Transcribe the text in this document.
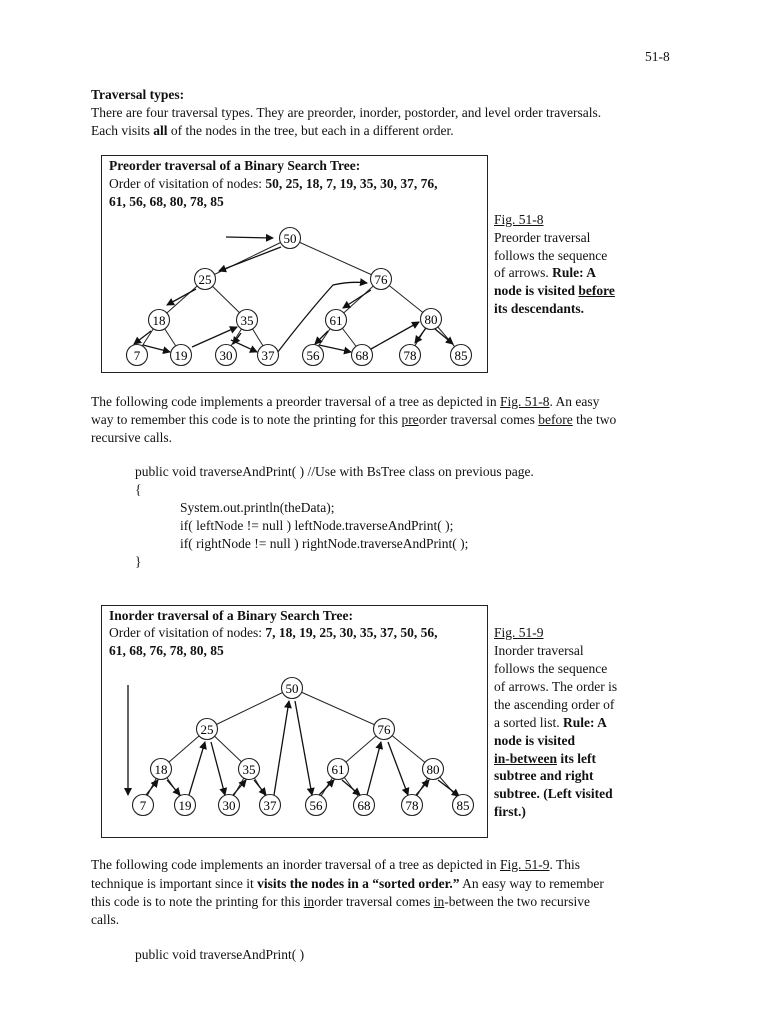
51-8
Traversal types:
There are four traversal types. They are preorder, inorder, postorder, and level order traversals.
Each visits all of the nodes in the tree, but each in a different order.
Preorder traversal of a Binary Search Tree:
Order of visitation of nodes: 50, 25, 18, 7, 19, 35, 30, 37, 76,
61, 56, 68, 80, 78, 85
50
25	76
18	35	61	80
7	19 30 37 56	68	78	85
Fig. 51-8
Preorder traversal
follows the sequence
of arrows. Rule: A
node is visited before
its descendants.
The following code implements a preorder traversal of a tree as depicted in Fig. 51-8. An easy
way to remember this code is to note the printing for this preorder traversal comes before the two
recursive calls.
public void traverseAndPrint( ) //Use with BsTree class on previous page.
{
System.out.println(theData);
if( leftNode != null ) leftNode.traverseAndPrint( );
if( rightNode != null ) rightNode.traverseAndPrint( );
}
Inorder traversal of a Binary Search Tree:
Order of visitation of nodes: 7, 18, 19, 25, 30, 35, 37, 50, 56,
61, 68, 76, 78, 80, 85
50
25	76
18	35	61	80
7 19 30 37	56	68	78	85
Fig. 51-9
Inorder traversal
follows the sequence
of arrows. The order is
the ascending order of
a sorted list. Rule: A
node is visited
in-between its left
subtree and right
subtree. (Left visited
first.)
The following code implements an inorder traversal of a tree as depicted in Fig. 51-9. This
technique is important since it visits the nodes in a “sorted order.” An easy way to remember
this code is to note the printing for this inorder traversal comes in-between the two recursive
calls.
public void traverseAndPrint( )
